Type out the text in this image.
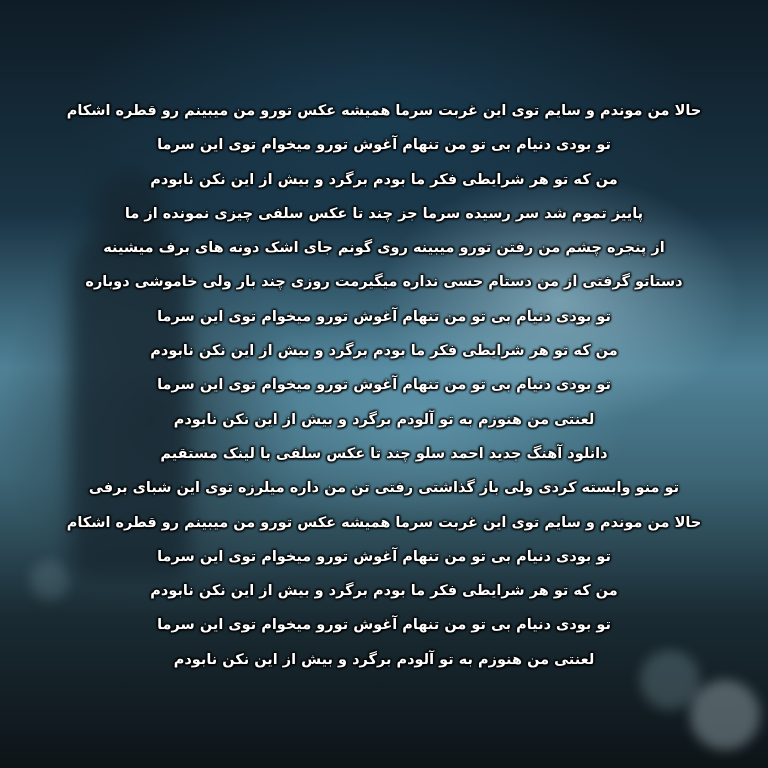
حالا من موندم و سایم توی این غربت سرما همیشه عکس تورو من میبینم رو قطره اشکام
تو بودی دنیام بی تو من تنهام آغوش تورو میخوام توی این سرما
من که تو هر شرایطی فکر ما بودم برگرد و بیش از این نکن نابودم
پاییز تموم شد سر رسیده سرما جز چند تا عکس سلفی چیزی نمونده از ما
از پنجره چشم من رفتن تورو میبینه روی گونم جای اشک دونه های برف میشینه
دستاتو گرفتی از من دستام حسی نداره میگیرمت روزی چند بار ولی خاموشی دوباره
تو بودی دنیام بی تو من تنهام آغوش تورو میخوام توی این سرما
من که تو هر شرایطی فکر ما بودم برگرد و بیش از این نکن نابودم
تو بودی دنیام بی تو من تنهام آغوش تورو میخوام توی این سرما
لعنتی من هنوزم به تو آلودم برگرد و بیش از این نکن نابودم
دانلود آهنگ جدید احمد سلو چند تا عکس سلفی با لینک مستقیم
تو منو وابسته کردی ولی باز گذاشتی رفتی تن من داره میلرزه توی این شبای برفی
حالا من موندم و سایم توی این غربت سرما همیشه عکس تورو من میبینم رو قطره اشکام
تو بودی دنیام بی تو من تنهام آغوش تورو میخوام توی این سرما
من که تو هر شرایطی فکر ما بودم برگرد و بیش از این نکن نابودم
تو بودی دنیام بی تو من تنهام آغوش تورو میخوام توی این سرما
لعنتی من هنوزم به تو آلودم برگرد و بیش از این نکن نابودم
